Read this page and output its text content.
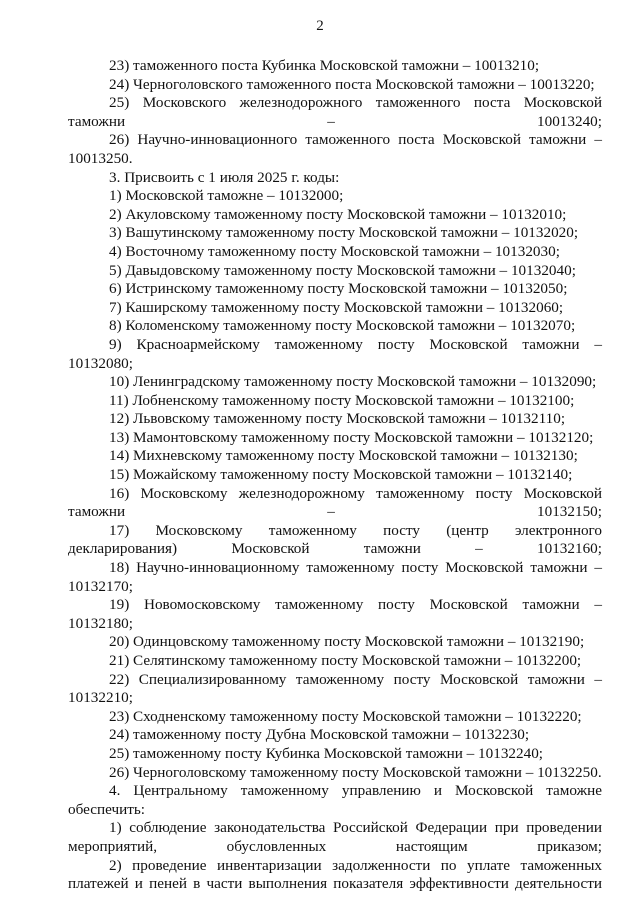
2

23) таможенного поста Кубинка Московской таможни – 10013210;

24) Черноголовского таможенного поста Московской таможни – 10013220;

25) Московского железнодорожного таможенного поста Московской таможни – 10013240;

26) Научно-инновационного таможенного поста Московской таможни – 10013250.

3. Присвоить с 1 июля 2025 г. коды:

1) Московской таможне – 10132000;

2) Акуловскому таможенному посту Московской таможни – 10132010;

3) Вашутинскому таможенному посту Московской таможни – 10132020;

4) Восточному таможенному посту Московской таможни – 10132030;

5) Давыдовскому таможенному посту Московской таможни – 10132040;

6) Истринскому таможенному посту Московской таможни – 10132050;

7) Каширскому таможенному посту Московской таможни – 10132060;

8) Коломенскому таможенному посту Московской таможни – 10132070;

9) Красноармейскому таможенному посту Московской таможни – 10132080;

10) Ленинградскому таможенному посту Московской таможни – 10132090;

11) Лобненскому таможенному посту Московской таможни – 10132100;

12) Львовскому таможенному посту Московской таможни – 10132110;

13) Мамонтовскому таможенному посту Московской таможни – 10132120;

14) Михневскому таможенному посту Московской таможни – 10132130;

15) Можайскому таможенному посту Московской таможни – 10132140;

16) Московскому железнодорожному таможенному посту Московской таможни – 10132150;

17) Московскому таможенному посту (центр электронного декларирования) Московской таможни – 10132160;

18) Научно-инновационному таможенному посту Московской таможни – 10132170;

19) Новомосковскому таможенному посту Московской таможни – 10132180;

20) Одинцовскому таможенному посту Московской таможни – 10132190;

21) Селятинскому таможенному посту Московской таможни – 10132200;

22) Специализированному таможенному посту Московской таможни – 10132210;

23) Сходненскому таможенному посту Московской таможни – 10132220;

24) таможенному посту Дубна Московской таможни – 10132230;

25) таможенному посту Кубинка Московской таможни – 10132240;

26) Черноголовскому таможенному посту Московской таможни – 10132250.

4. Центральному таможенному управлению и Московской таможне обеспечить:

1) соблюдение законодательства Российской Федерации при проведении мероприятий, обусловленных настоящим приказом;

2) проведение инвентаризации задолженности по уплате таможенных платежей и пеней в части выполнения показателя эффективности деятельности
